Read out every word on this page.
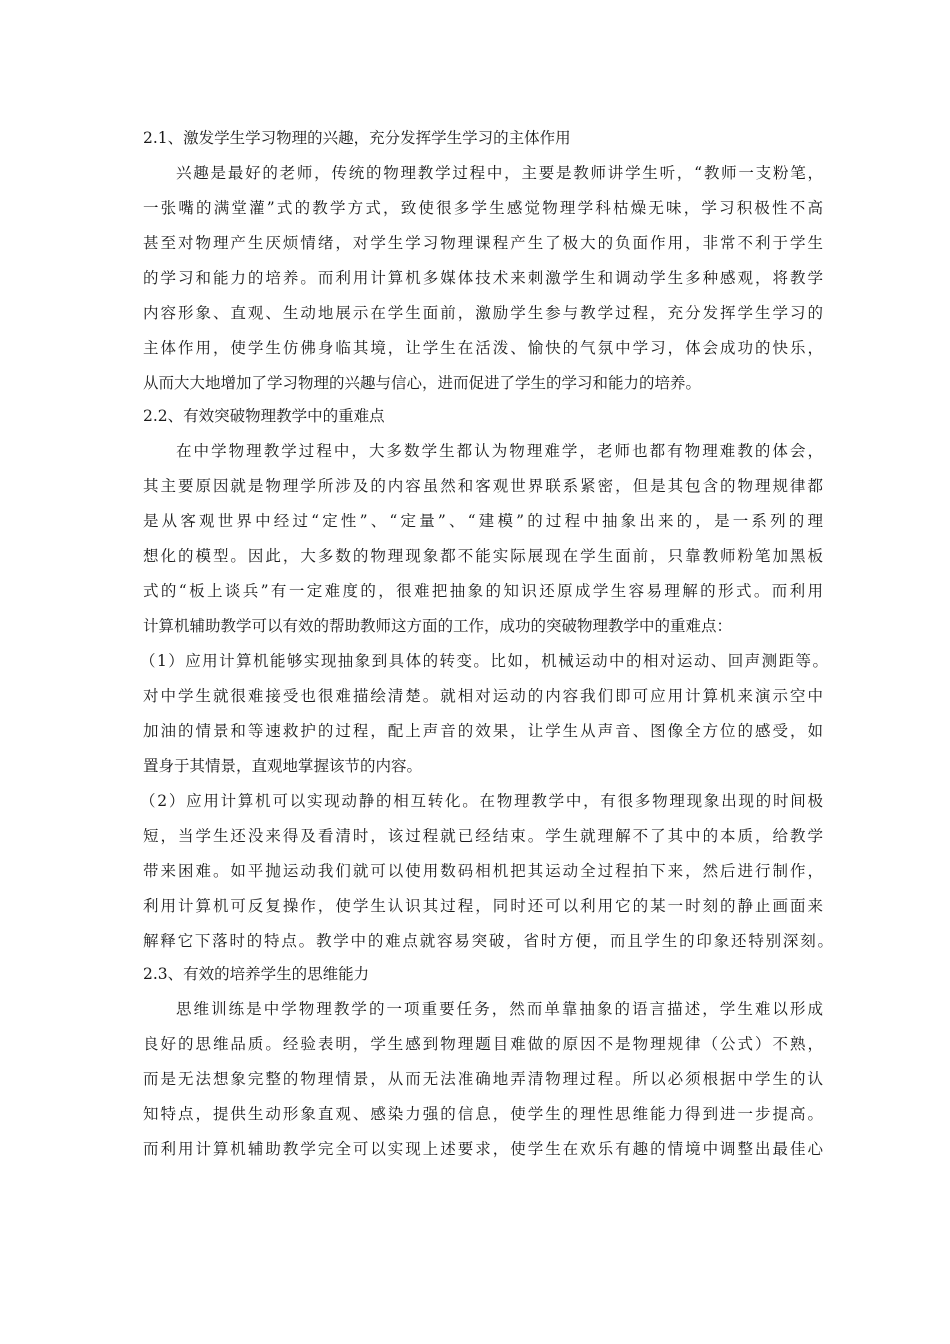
2.1、激发学生学习物理的兴趣，充分发挥学生学习的主体作用
兴趣是最好的老师，传统的物理教学过程中，主要是教师讲学生听，“教师一支粉笔，
一张嘴的满堂灌”式的教学方式，致使很多学生感觉物理学科枯燥无味，学习积极性不高
甚至对物理产生厌烦情绪，对学生学习物理课程产生了极大的负面作用，非常不利于学生
的学习和能力的培养。而利用计算机多媒体技术来刺激学生和调动学生多种感观，将教学
内容形象、直观、生动地展示在学生面前，激励学生参与教学过程，充分发挥学生学习的
主体作用，使学生仿佛身临其境，让学生在活泼、愉快的气氛中学习，体会成功的快乐，
从而大大地增加了学习物理的兴趣与信心，进而促进了学生的学习和能力的培养。
2.2、有效突破物理教学中的重难点
在中学物理教学过程中，大多数学生都认为物理难学，老师也都有物理难教的体会，
其主要原因就是物理学所涉及的内容虽然和客观世界联系紧密，但是其包含的物理规律都
是从客观世界中经过“定性”、“定量”、“建模”的过程中抽象出来的，是一系列的理
想化的模型。因此，大多数的物理现象都不能实际展现在学生面前，只靠教师粉笔加黑板
式的“板上谈兵”有一定难度的，很难把抽象的知识还原成学生容易理解的形式。而利用
计算机辅助教学可以有效的帮助教师这方面的工作，成功的突破物理教学中的重难点：
（1）应用计算机能够实现抽象到具体的转变。比如，机械运动中的相对运动、回声测距等。
对中学生就很难接受也很难描绘清楚。就相对运动的内容我们即可应用计算机来演示空中
加油的情景和等速救护的过程，配上声音的效果，让学生从声音、图像全方位的感受，如
置身于其情景，直观地掌握该节的内容。
（2）应用计算机可以实现动静的相互转化。在物理教学中，有很多物理现象出现的时间极
短，当学生还没来得及看清时，该过程就已经结束。学生就理解不了其中的本质，给教学
带来困难。如平抛运动我们就可以使用数码相机把其运动全过程拍下来，然后进行制作，
利用计算机可反复操作，使学生认识其过程，同时还可以利用它的某一时刻的静止画面来
解释它下落时的特点。教学中的难点就容易突破，省时方便，而且学生的印象还特别深刻。
2.3、有效的培养学生的思维能力
思维训练是中学物理教学的一项重要任务，然而单靠抽象的语言描述，学生难以形成
良好的思维品质。经验表明，学生感到物理题目难做的原因不是物理规律（公式）不熟，
而是无法想象完整的物理情景，从而无法准确地弄清物理过程。所以必须根据中学生的认
知特点，提供生动形象直观、感染力强的信息，使学生的理性思维能力得到进一步提高。
而利用计算机辅助教学完全可以实现上述要求，使学生在欢乐有趣的情境中调整出最佳心
